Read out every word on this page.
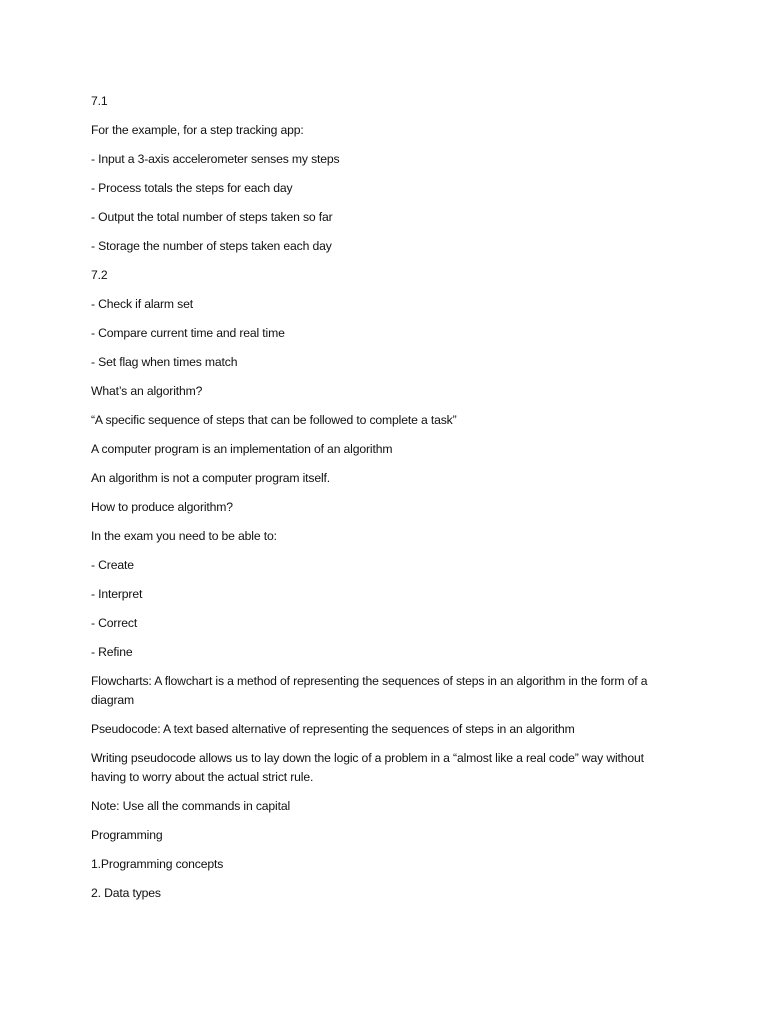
7.1

For the example, for a step tracking app:

- Input a 3-axis accelerometer senses my steps

- Process totals the steps for each day

- Output the total number of steps taken so far

- Storage the number of steps taken each day

7.2

- Check if alarm set

- Compare current time and real time

- Set flag when times match

What’s an algorithm?

“A specific sequence of steps that can be followed to complete a task”

A computer program is an implementation of an algorithm

An algorithm is not a computer program itself.

How to produce algorithm?

In the exam you need to be able to:

- Create

- Interpret

- Correct

- Refine

Flowcharts: A flowchart is a method of representing the sequences of steps in an algorithm in the form of a diagram

Pseudocode: A text based alternative of representing the sequences of steps in an algorithm

Writing pseudocode allows us to lay down the logic of a problem in a “almost like a real code” way without having to worry about the actual strict rule.

Note: Use all the commands in capital

Programming

1.Programming concepts

2. Data types
